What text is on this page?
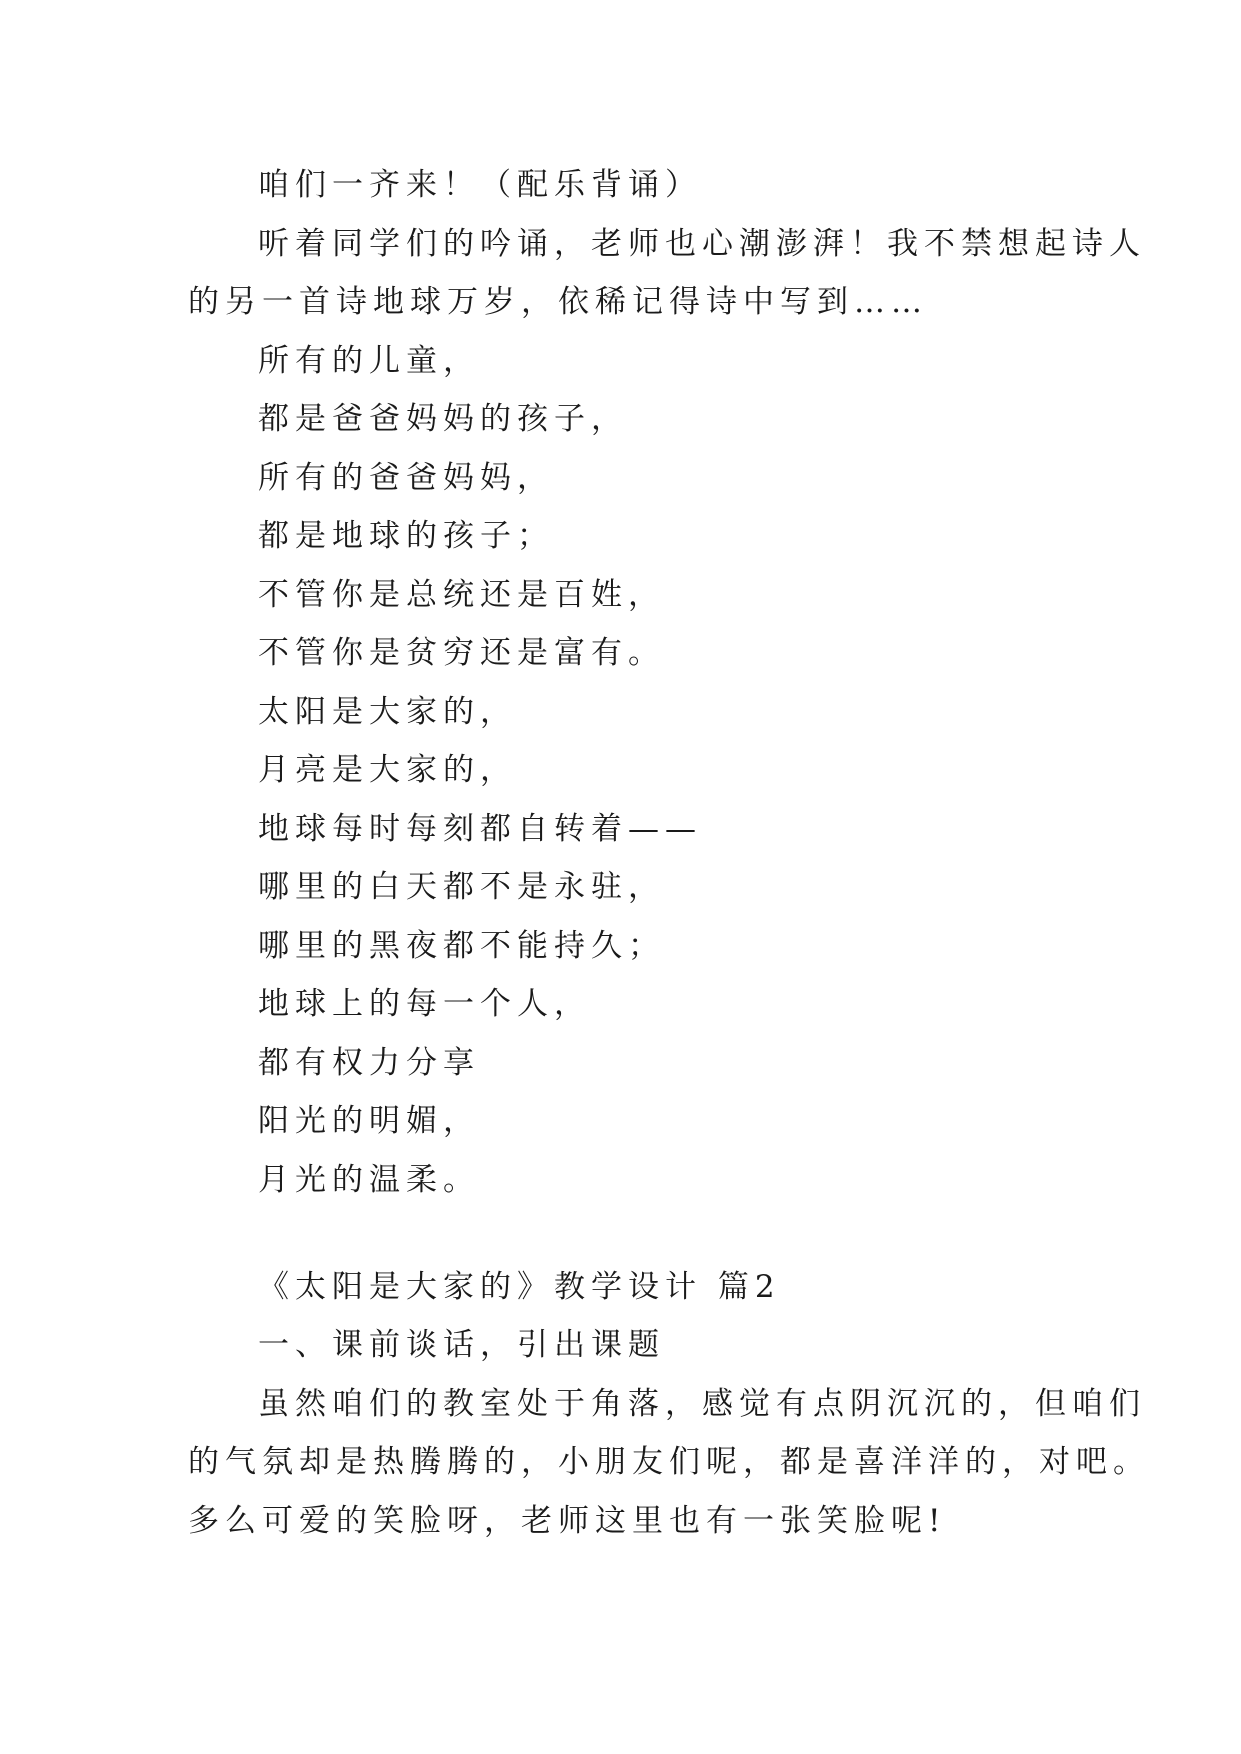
咱们一齐来！（配乐背诵）
听着同学们的吟诵，老师也心潮澎湃！我不禁想起诗人
的另一首诗地球万岁，依稀记得诗中写到……
所有的儿童，
都是爸爸妈妈的孩子，
所有的爸爸妈妈，
都是地球的孩子；
不管你是总统还是百姓，
不管你是贫穷还是富有。
太阳是大家的，
月亮是大家的，
地球每时每刻都自转着——
哪里的白天都不是永驻，
哪里的黑夜都不能持久；
地球上的每一个人，
都有权力分享
阳光的明媚，
月光的温柔。
《太阳是大家的》教学设计 篇2
一、课前谈话，引出课题
虽然咱们的教室处于角落，感觉有点阴沉沉的，但咱们
的气氛却是热腾腾的，小朋友们呢，都是喜洋洋的，对吧。
多么可爱的笑脸呀，老师这里也有一张笑脸呢!
